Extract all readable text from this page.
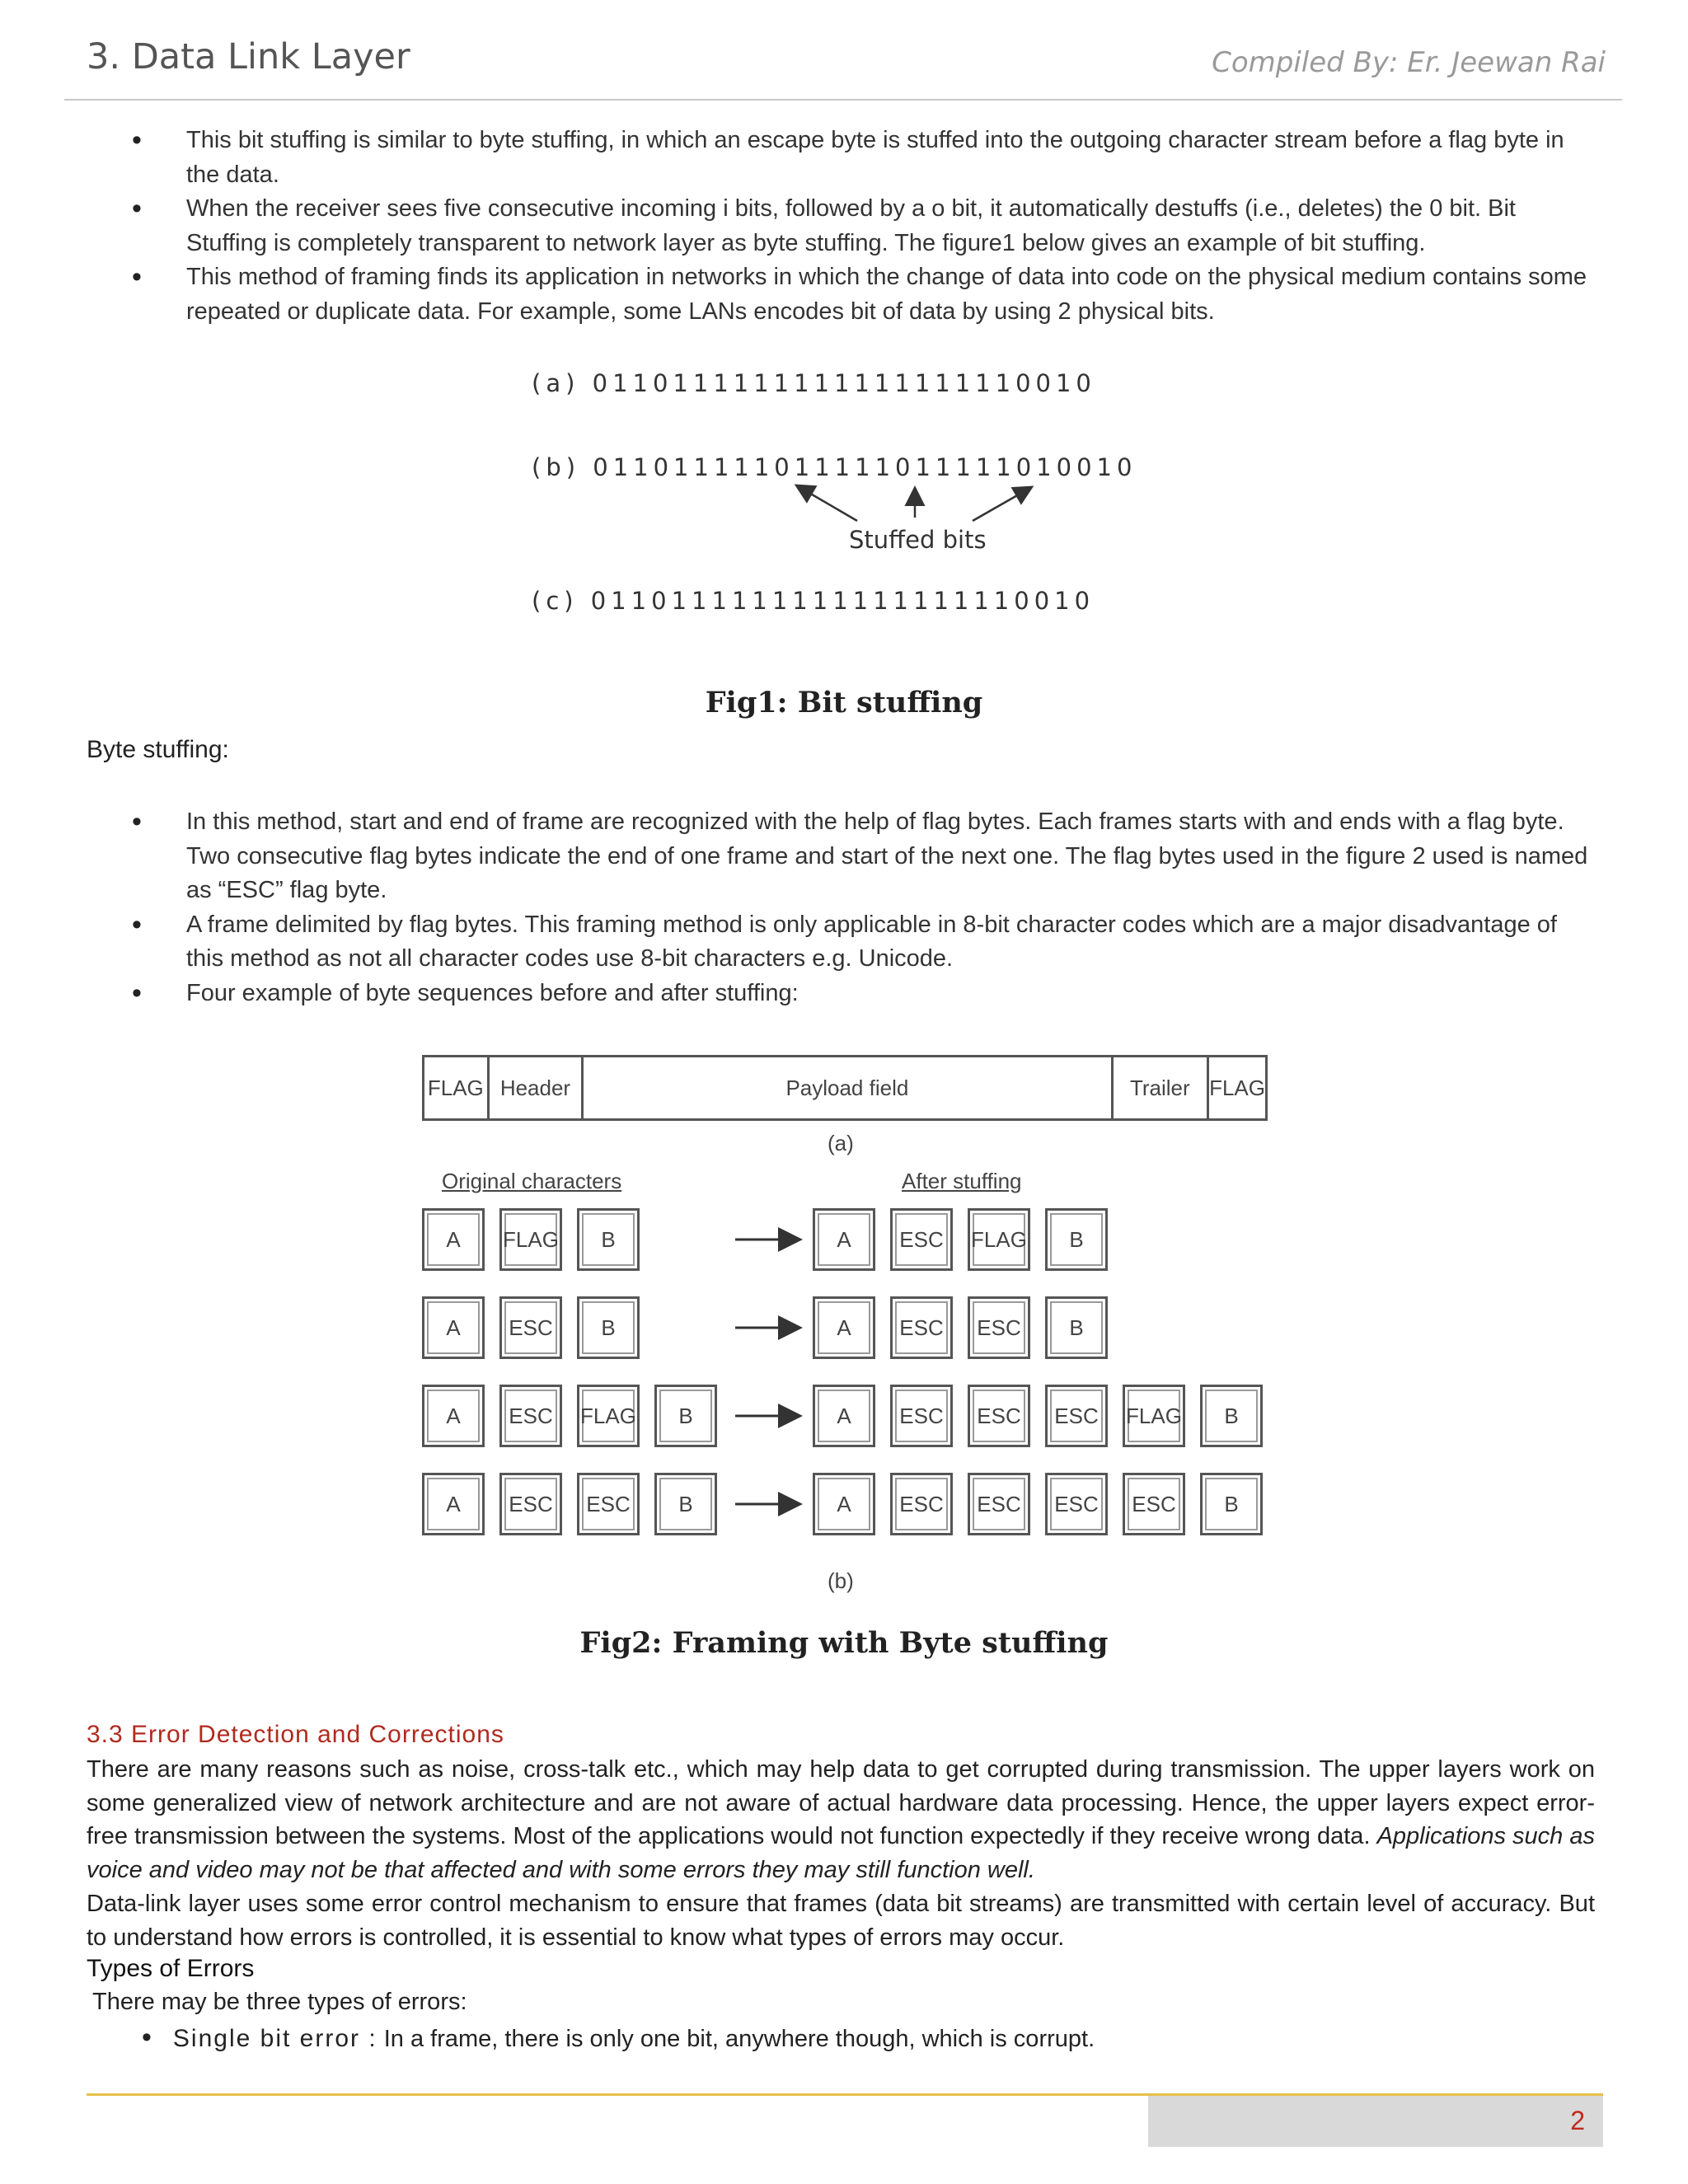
3. Data Link Layer	Compiled By: Er. Jeewan Rai
• This bit stuffing is similar to byte stuffing, in which an escape byte is stuffed into the outgoing character stream before a flag byte in the data.
• When the receiver sees five consecutive incoming i bits, followed by a o bit, it automatically destuffs (i.e., deletes) the 0 bit. Bit Stuffing is completely transparent to network layer as byte stuffing. The figure1 below gives an example of bit stuffing.
• This method of framing finds its application in networks in which the change of data into code on the physical medium contains some repeated or duplicate data. For example, some LANs encodes bit of data by using 2 physical bits.
(a) 0110111111111111111110010
(b) 011011111011111011111010010
Stuffed bits
(c) 0110111111111111111110010
Fig1: Bit stuffing
Byte stuffing:
• In this method, start and end of frame are recognized with the help of flag bytes. Each frames starts with and ends with a flag byte. Two consecutive flag bytes indicate the end of one frame and start of the next one. The flag bytes used in the figure 2 used is named as “ESC” flag byte.
• A frame delimited by flag bytes. This framing method is only applicable in 8-bit character codes which are a major disadvantage of this method as not all character codes use 8-bit characters e.g. Unicode.
• Four example of byte sequences before and after stuffing:
FLAG Header	Payload field	Trailer FLAG
(a)
Original characters	After stuffing
A	FLAG	B	A	ESC	FLAG	B
A	ESC	B	A	ESC	ESC	B
A	ESC	FLAG	B	A	ESC	ESC	ESC	FLAG	B
A	ESC	ESC	B	A	ESC	ESC	ESC	ESC	B
(b)
Fig2: Framing with Byte stuffing
3.3 Error Detection and Corrections
There are many reasons such as noise, cross-talk etc., which may help data to get corrupted during transmission. The upper layers work on some generalized view of network architecture and are not aware of actual hardware data processing. Hence, the upper layers expect error-free transmission between the systems. Most of the applications would not function expectedly if they receive wrong data. Applications such as voice and video may not be that affected and with some errors they may still function well.
Data-link layer uses some error control mechanism to ensure that frames (data bit streams) are transmitted with certain level of accuracy. But to understand how errors is controlled, it is essential to know what types of errors may occur.
Types of Errors
There may be three types of errors:
• Single bit error : In a frame, there is only one bit, anywhere though, which is corrupt.
2
